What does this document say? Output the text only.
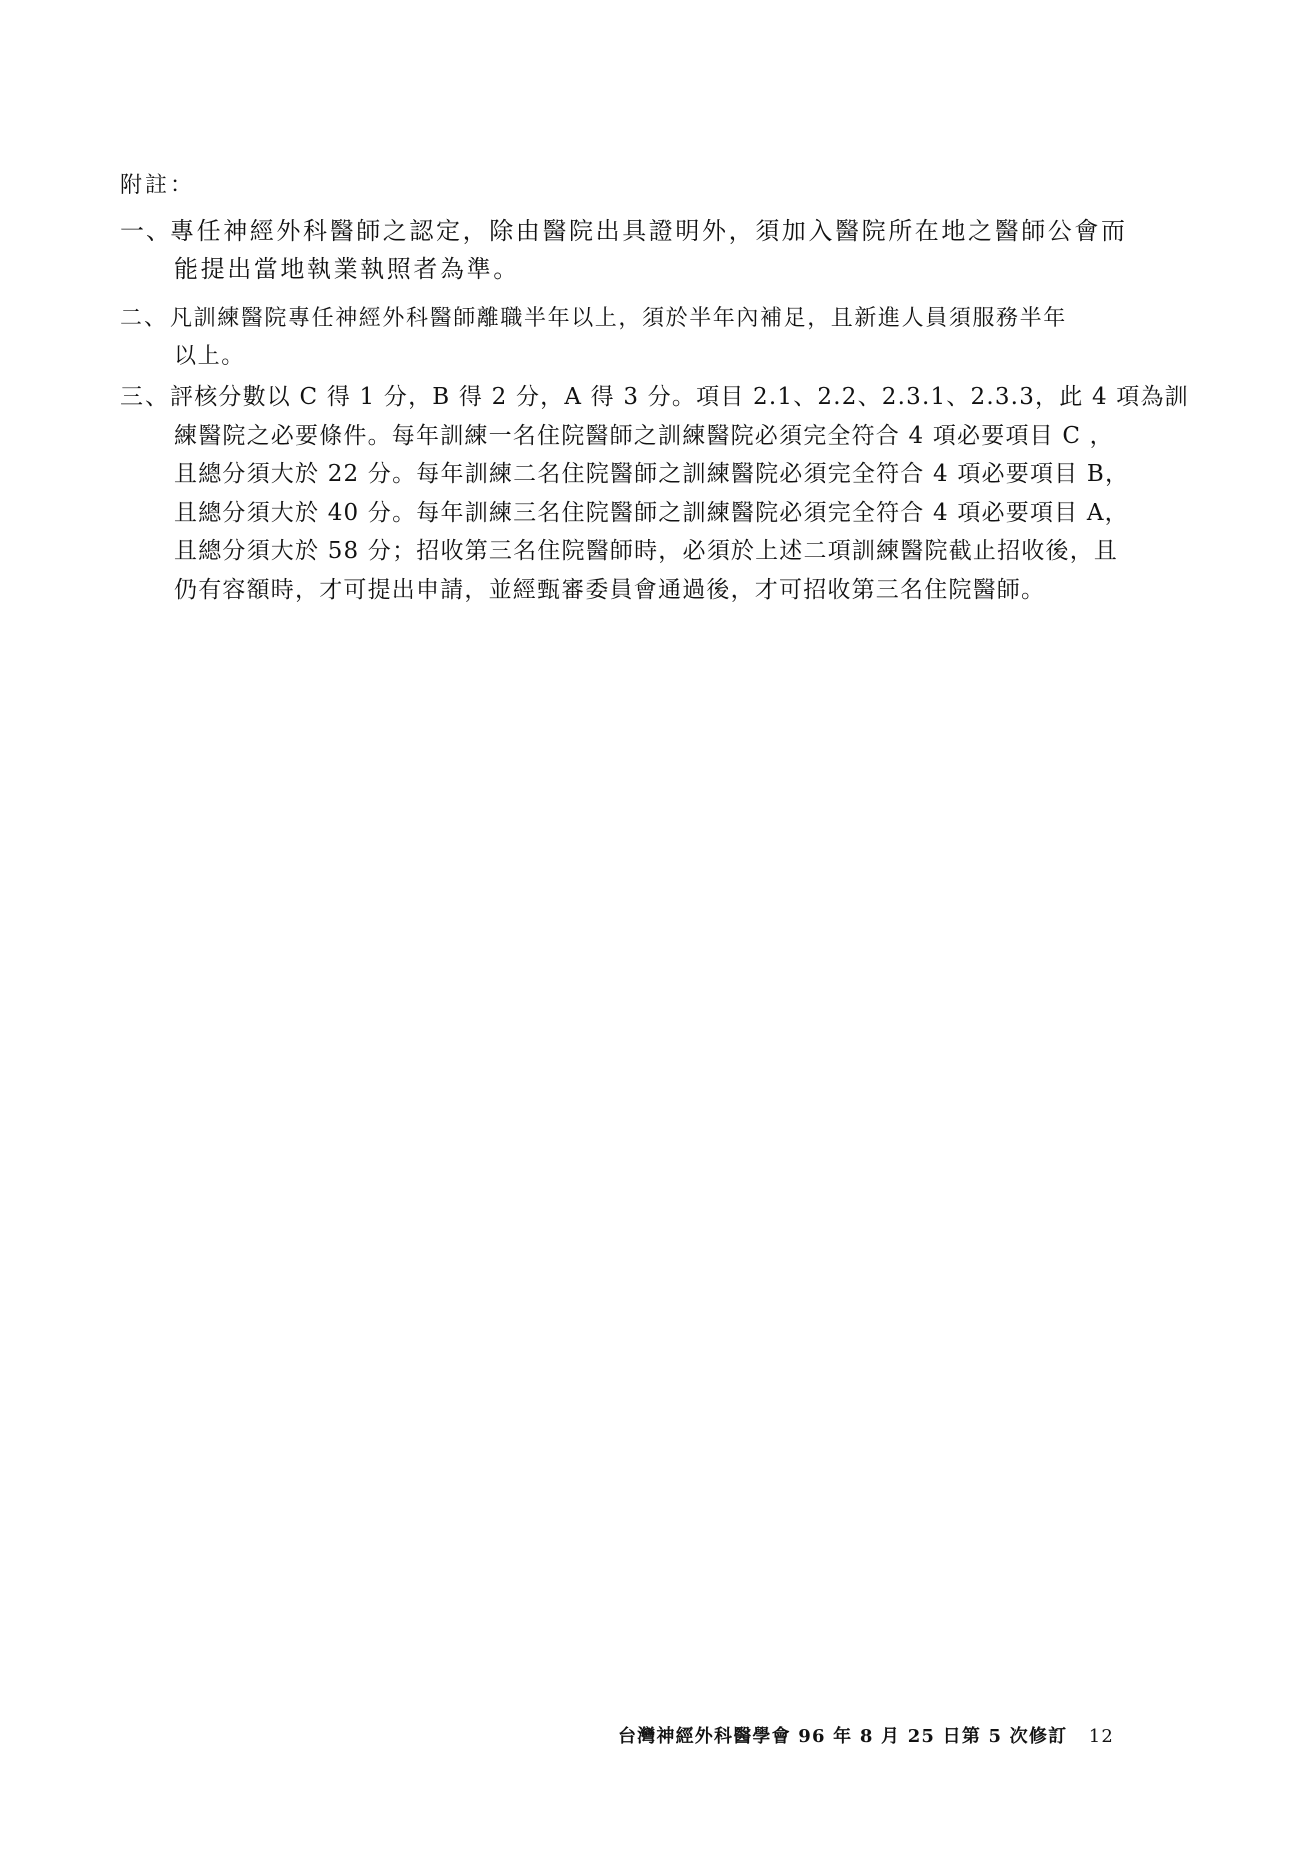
附註：
一、
專任神經外科醫師之認定，除由醫院出具證明外，須加入醫院所在地之醫師公會而
能提出當地執業執照者為準。
二、 凡訓練醫院專任神經外科醫師離職半年以上，須於半年內補足，且新進人員須服務半年
以上。
三、 評核分數以 C 得 1 分，B 得 2 分，A 得 3 分。項目 2.1、2.2、2.3.1、2.3.3，此 4 項為訓
練醫院之必要條件。每年訓練一名住院醫師之訓練醫院必須完全符合 4 項必要項目 C ，
且總分須大於 22 分。每年訓練二名住院醫師之訓練醫院必須完全符合 4 項必要項目 B，
且總分須大於 40 分。每年訓練三名住院醫師之訓練醫院必須完全符合 4 項必要項目 A，
且總分須大於 58 分；招收第三名住院醫師時，必須於上述二項訓練醫院截止招收後，且
仍有容額時，才可提出申請，並經甄審委員會通過後，才可招收第三名住院醫師。
台灣神經外科醫學會 96 年 8 月 25 日第 5 次修訂 12
